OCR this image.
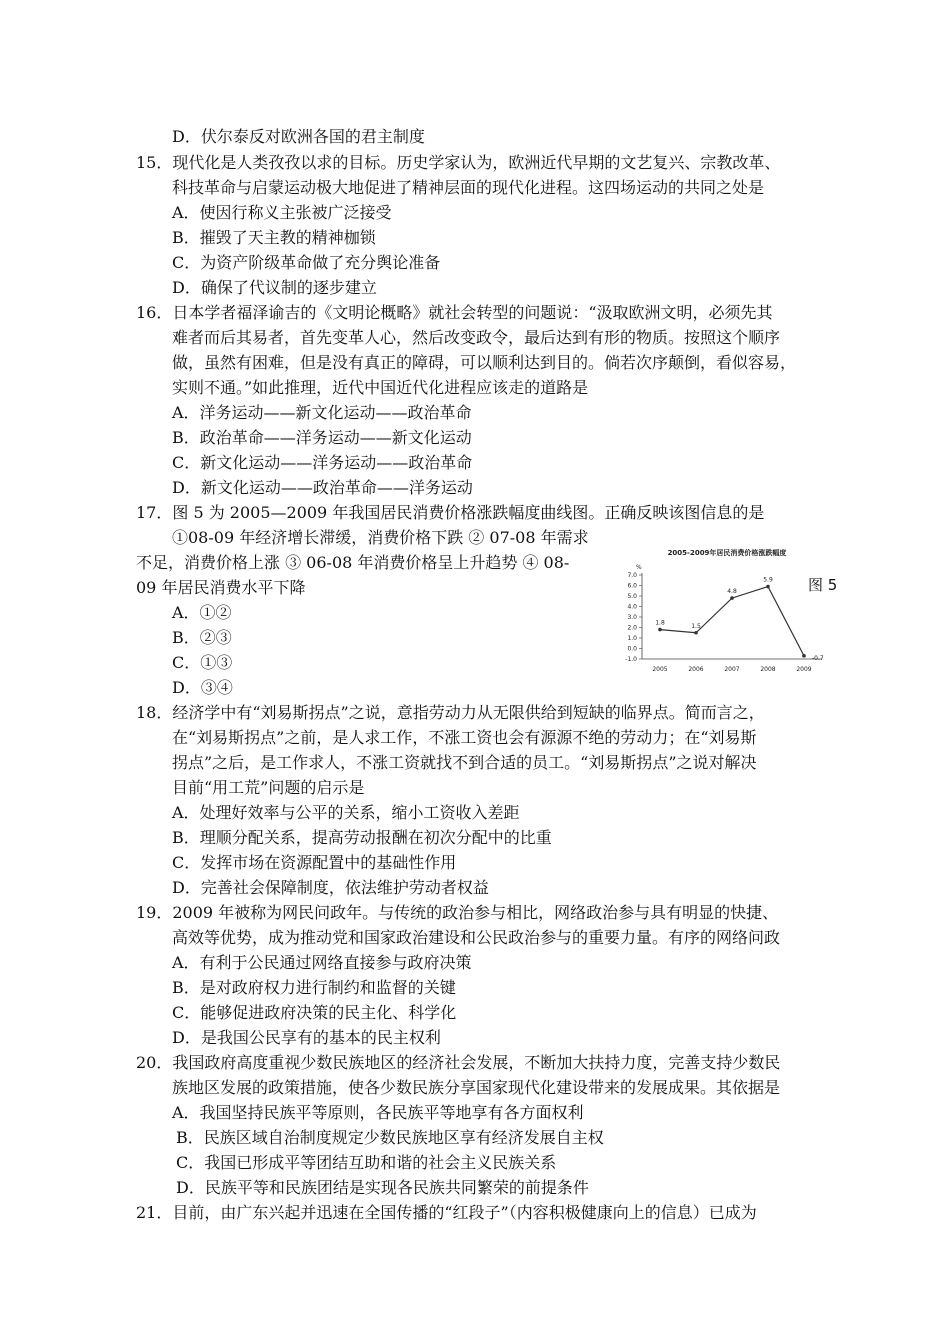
D．伏尔泰反对欧洲各国的君主制度
15．现代化是人类孜孜以求的目标。历史学家认为，欧洲近代早期的文艺复兴、宗教改革、
科技革命与启蒙运动极大地促进了精神层面的现代化进程。这四场运动的共同之处是
A．使因行称义主张被广泛接受
B．摧毁了天主教的精神枷锁
C．为资产阶级革命做了充分舆论准备
D．确保了代议制的逐步建立
16．日本学者福泽谕吉的《文明论概略》就社会转型的问题说：“汲取欧洲文明，必须先其
难者而后其易者，首先变革人心，然后改变政令，最后达到有形的物质。按照这个顺序
做，虽然有困难，但是没有真正的障碍，可以顺利达到目的。倘若次序颠倒，看似容易，
实则不通。”如此推理，近代中国近代化进程应该走的道路是
A．洋务运动——新文化运动——政治革命
B．政治革命——洋务运动——新文化运动
C．新文化运动——洋务运动——政治革命
D．新文化运动——政治革命——洋务运动
17．图 5 为 2005—2009 年我国居民消费价格涨跌幅度曲线图。正确反映该图信息的是
①08-09 年经济增长滞缓，消费价格下跌 ② 07-08 年需求
不足，消费价格上涨 ③ 06-08 年消费价格呈上升趋势 ④ 08-
09 年居民消费水平下降
A．①②
B．②③
C．①③
D．③④
2005-2009年居民消费价格涨跌幅度
%
7.0
6.0
5.0
4.0
3.0
2.0
1.0
0.0
-1.0
2005	2006	2007	2008	2009
1.8	1.5
4.8
5.9
-0.7
图 5
18．经济学中有“刘易斯拐点”之说，意指劳动力从无限供给到短缺的临界点。简而言之，
在“刘易斯拐点”之前，是人求工作，不涨工资也会有源源不绝的劳动力；在“刘易斯
拐点”之后，是工作求人，不涨工资就找不到合适的员工。“刘易斯拐点”之说对解决
目前“用工荒”问题的启示是
A．处理好效率与公平的关系，缩小工资收入差距
B．理顺分配关系，提高劳动报酬在初次分配中的比重
C．发挥市场在资源配置中的基础性作用
D．完善社会保障制度，依法维护劳动者权益
19．2009 年被称为网民问政年。与传统的政治参与相比，网络政治参与具有明显的快捷、
高效等优势，成为推动党和国家政治建设和公民政治参与的重要力量。有序的网络问政
A．有利于公民通过网络直接参与政府决策
B．是对政府权力进行制约和监督的关键
C．能够促进政府决策的民主化、科学化
D．是我国公民享有的基本的民主权利
20．我国政府高度重视少数民族地区的经济社会发展，不断加大扶持力度，完善支持少数民
族地区发展的政策措施，使各少数民族分享国家现代化建设带来的发展成果。其依据是
A．我国坚持民族平等原则，各民族平等地享有各方面权利
B．民族区域自治制度规定少数民族地区享有经济发展自主权
C．我国已形成平等团结互助和谐的社会主义民族关系
D．民族平等和民族团结是实现各民族共同繁荣的前提条件
21．目前，由广东兴起并迅速在全国传播的“红段子”（内容积极健康向上的信息）已成为
